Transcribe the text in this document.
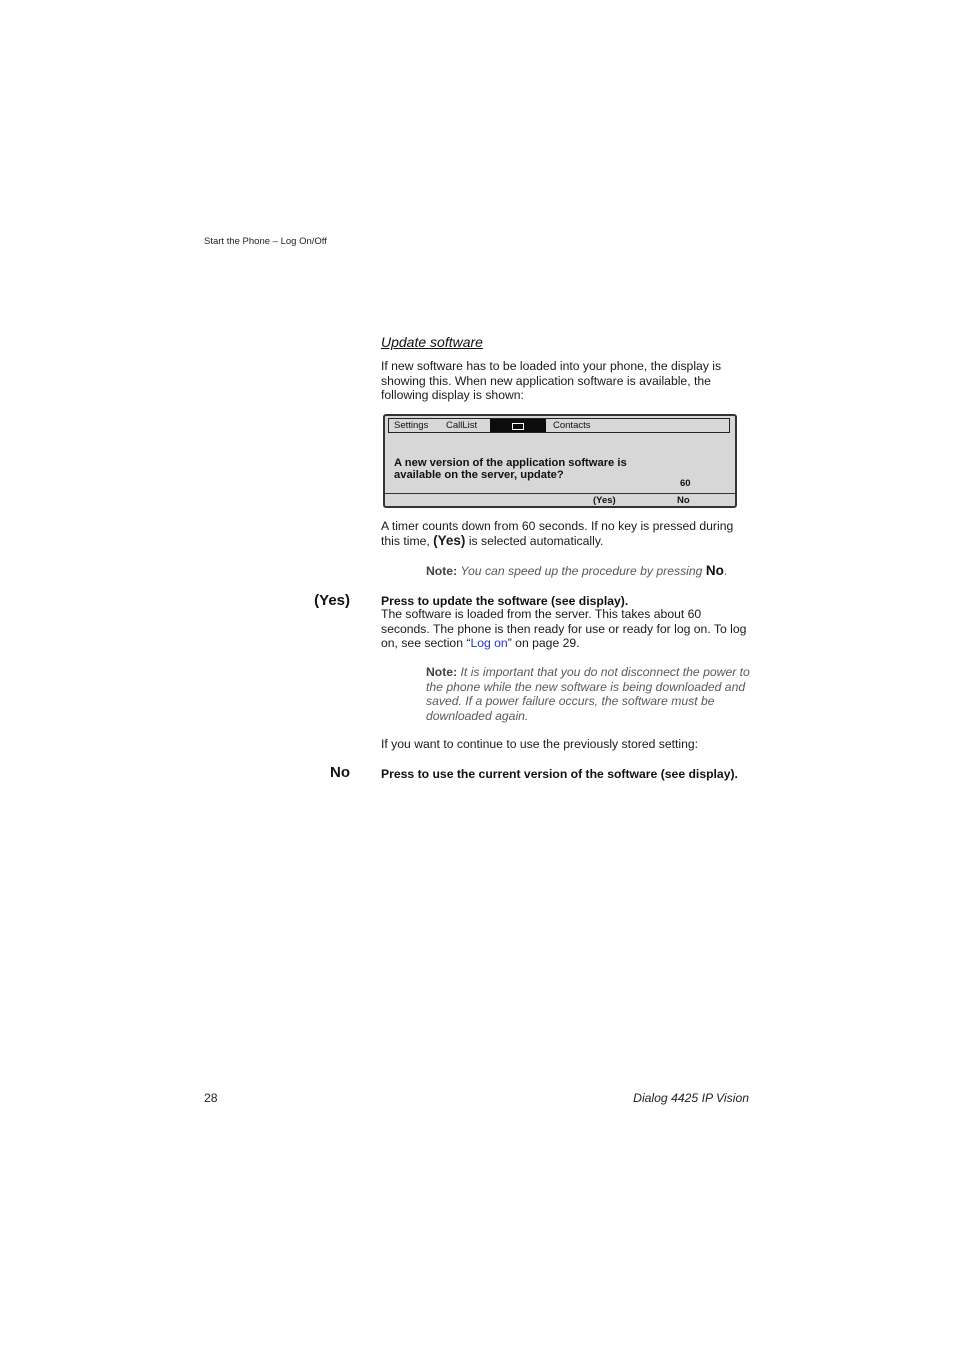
Start the Phone – Log On/Off
Update software
If new software has to be loaded into your phone, the display is showing this. When new application software is available, the following display is shown:
Settings CallList	Contacts
A new version of the application software is available on the server, update?
60
(Yes)	No
A timer counts down from 60 seconds. If no key is pressed during this time, (Yes) is selected automatically.
Note: You can speed up the procedure by pressing No.
(Yes)	Press to update the software (see display).
The software is loaded from the server. This takes about 60 seconds. The phone is then ready for use or ready for log on. To log on, see section “Log on” on page 29.
Note: It is important that you do not disconnect the power to the phone while the new software is being downloaded and saved. If a power failure occurs, the software must be downloaded again.
If you want to continue to use the previously stored setting:
No	Press to use the current version of the software (see display).
28	Dialog 4425 IP Vision
